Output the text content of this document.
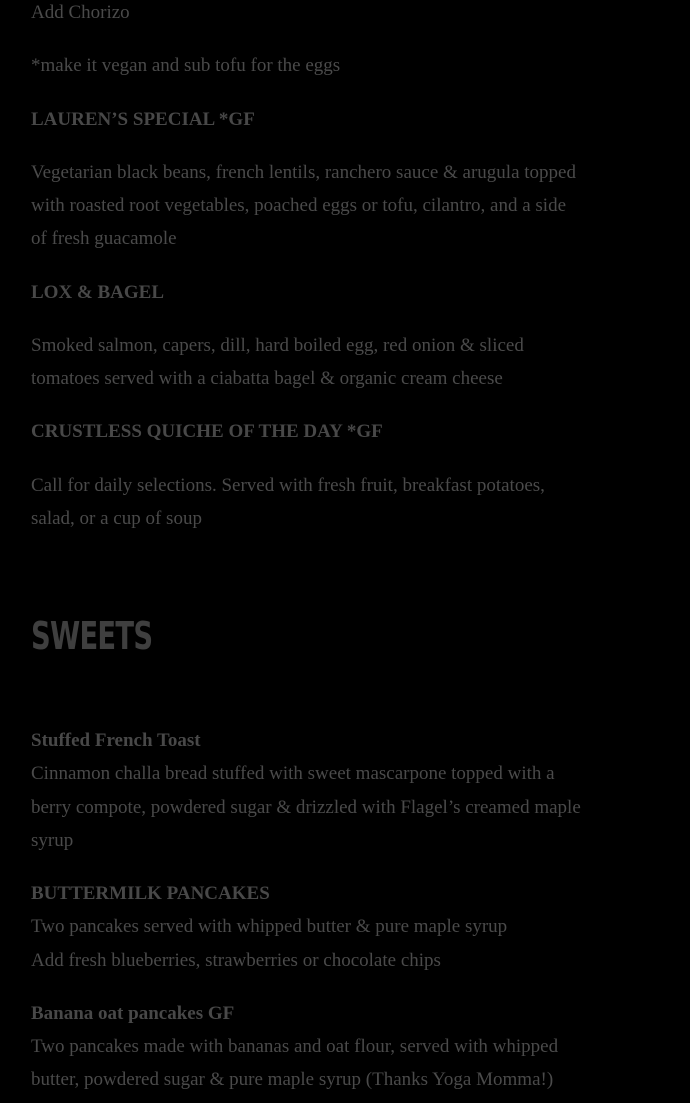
Add Chorizo
*make it vegan and sub tofu for the eggs
LAUREN’S SPECIAL *GF
Vegetarian black beans, french lentils, ranchero sauce & arugula topped
with roasted root vegetables, poached eggs or tofu, cilantro, and a side
of fresh guacamole
LOX & BAGEL
Smoked salmon, capers, dill, hard boiled egg, red onion & sliced
tomatoes served with a ciabatta bagel & organic cream cheese
CRUSTLESS QUICHE OF THE DAY *GF
Call for daily selections. Served with fresh fruit, breakfast potatoes,
salad, or a cup of soup
SWEETS
Stuffed French Toast
Cinnamon challa bread stuffed with sweet mascarpone topped with a
berry compote, powdered sugar & drizzled with Flagel’s creamed maple
syrup
BUTTERMILK PANCAKES
Two pancakes served with whipped butter & pure maple syrup
Add fresh blueberries, strawberries or chocolate chips
Banana oat pancakes GF
Two pancakes made with bananas and oat flour, served with whipped
butter, powdered sugar & pure maple syrup (Thanks Yoga Momma!)
